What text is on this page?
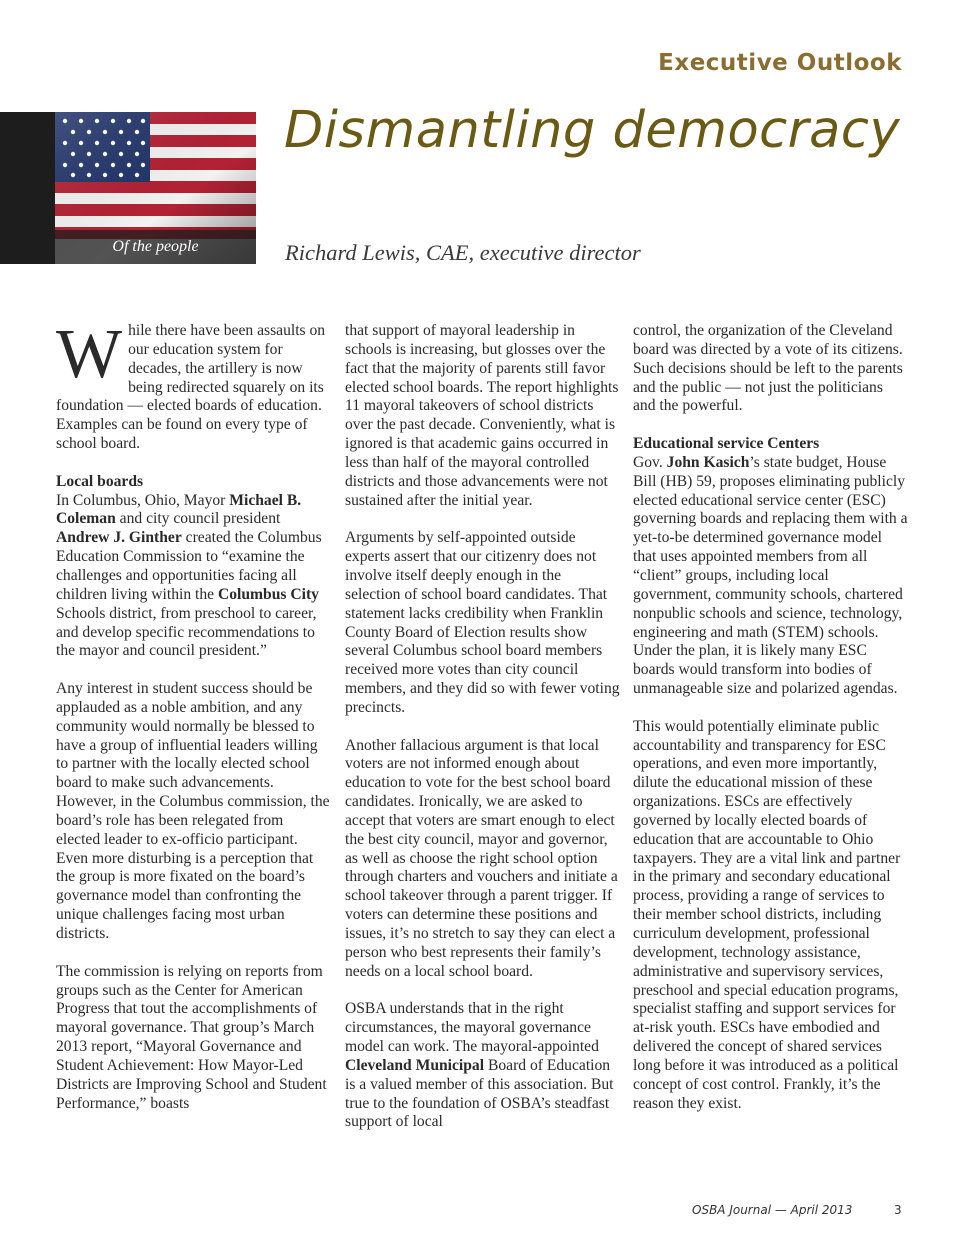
Executive Outlook
Of the people
Dismantling democracy
Richard Lewis, CAE, executive director

While there have been assaults on our education system for decades, the artillery is now being redirected squarely on its foundation — elected boards of education. Examples can be found on every type of school board.

Local boards
In Columbus, Ohio, Mayor Michael B. Coleman and city council president Andrew J. Ginther created the Columbus Education Commission to “examine the challenges and opportunities facing all children living within the Columbus City Schools district, from preschool to career, and develop specific recommendations to the mayor and council president.”

Any interest in student success should be applauded as a noble ambition, and any community would normally be blessed to have a group of influential leaders willing to partner with the locally elected school board to make such advancements. However, in the Columbus commission, the board’s role has been relegated from elected leader to ex-officio participant. Even more disturbing is a perception that the group is more fixated on the board’s governance model than confronting the unique challenges facing most urban districts.

The commission is relying on reports from groups such as the Center for American Progress that tout the accomplishments of mayoral governance. That group’s March 2013 report, “Mayoral Governance and Student Achievement: How Mayor-Led Districts are Improving School and Student Performance,” boasts

that support of mayoral leadership in schools is increasing, but glosses over the fact that the majority of parents still favor elected school boards. The report highlights 11 mayoral takeovers of school districts over the past decade. Conveniently, what is ignored is that academic gains occurred in less than half of the mayoral controlled districts and those advancements were not sustained after the initial year.

Arguments by self-appointed outside experts assert that our citizenry does not involve itself deeply enough in the selection of school board candidates. That statement lacks credibility when Franklin County Board of Election results show several Columbus school board members received more votes than city council members, and they did so with fewer voting precincts.

Another fallacious argument is that local voters are not informed enough about education to vote for the best school board candidates. Ironically, we are asked to accept that voters are smart enough to elect the best city council, mayor and governor, as well as choose the right school option through charters and vouchers and initiate a school takeover through a parent trigger. If voters can determine these positions and issues, it’s no stretch to say they can elect a person who best represents their family’s needs on a local school board.

OSBA understands that in the right circumstances, the mayoral governance model can work. The mayoral-appointed Cleveland Municipal Board of Education is a valued member of this association. But true to the foundation of OSBA’s steadfast support of local

control, the organization of the Cleveland board was directed by a vote of its citizens. Such decisions should be left to the parents and the public — not just the politicians and the powerful.

Educational service Centers
Gov. John Kasich’s state budget, House Bill (HB) 59, proposes eliminating publicly elected educational service center (ESC) governing boards and replacing them with a yet-to-be determined governance model that uses appointed members from all “client” groups, including local government, community schools, chartered nonpublic schools and science, technology, engineering and math (STEM) schools. Under the plan, it is likely many ESC boards would transform into bodies of unmanageable size and polarized agendas.

This would potentially eliminate public accountability and transparency for ESC operations, and even more importantly, dilute the educational mission of these organizations. ESCs are effectively governed by locally elected boards of education that are accountable to Ohio taxpayers. They are a vital link and partner in the primary and secondary educational process, providing a range of services to their member school districts, including curriculum development, professional development, technology assistance, administrative and supervisory services, preschool and special education programs, specialist staffing and support services for at-risk youth. ESCs have embodied and delivered the concept of shared services long before it was introduced as a political concept of cost control. Frankly, it’s the reason they exist.

OSBA Journal — April 2013	3
